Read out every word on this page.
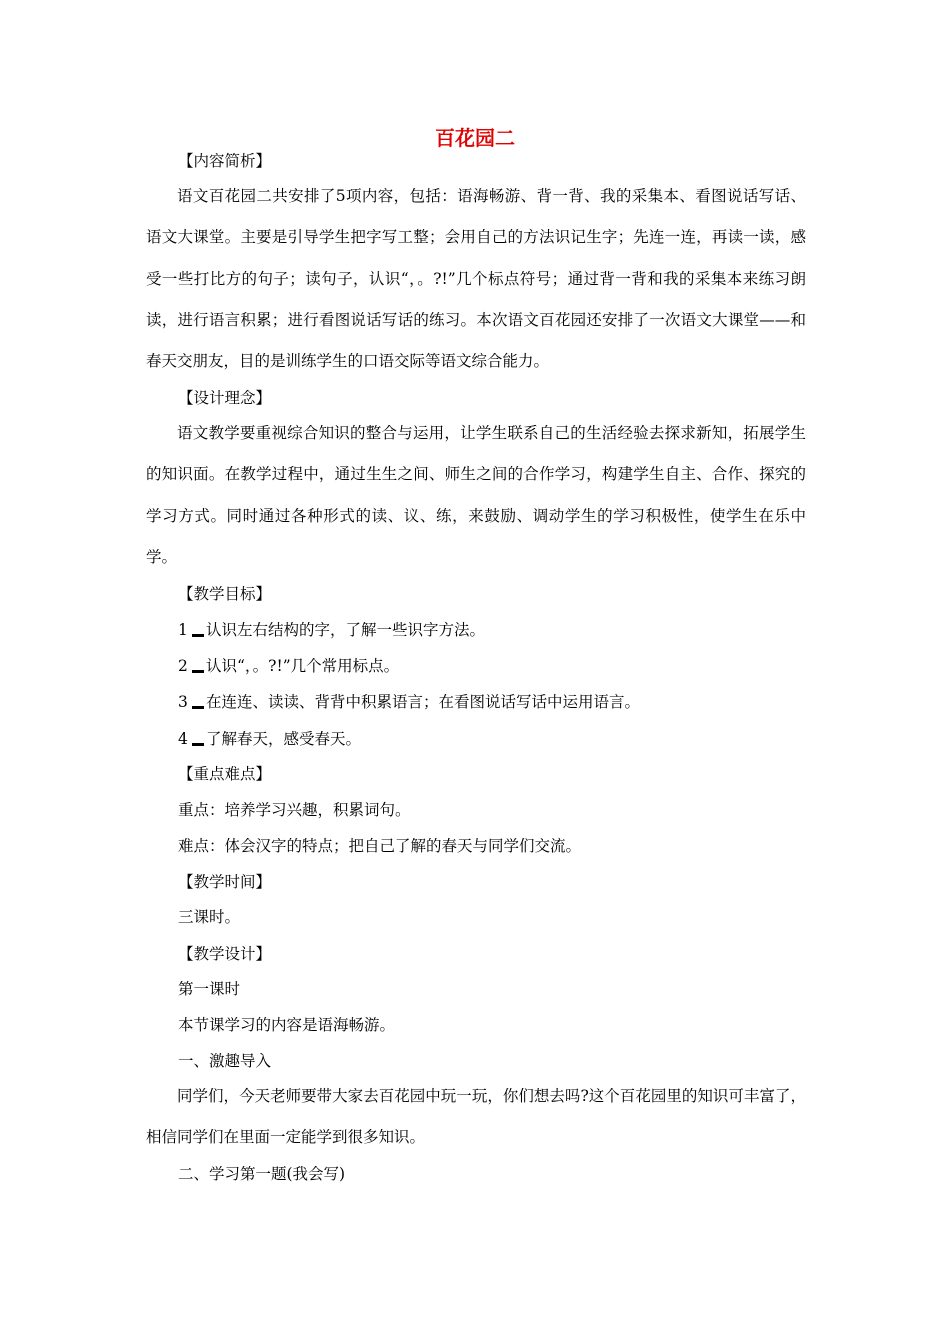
百花园二
【内容简析】

语文百花园二共安排了5项内容，包括：语海畅游、背一背、我的采集本、看图说话写话、语文大课堂。主要是引导学生把字写工整；会用自己的方法识记生字；先连一连，再读一读，感受一些打比方的句子；读句子，认识“，。?!”几个标点符号；通过背一背和我的采集本来练习朗读，进行语言积累；进行看图说话写话的练习。本次语文百花园还安排了一次语文大课堂——和春天交朋友，目的是训练学生的口语交际等语文综合能力。

【设计理念】

语文教学要重视综合知识的整合与运用，让学生联系自己的生活经验去探求新知，拓展学生的知识面。在教学过程中，通过生生之间、师生之间的合作学习，构建学生自主、合作、探究的学习方式。同时通过各种形式的读、议、练，来鼓励、调动学生的学习积极性，使学生在乐中学。

【教学目标】
1 认识左右结构的字，了解一些识字方法。
2 认识“，。?!”几个常用标点。
3 在连连、读读、背背中积累语言；在看图说话写话中运用语言。
4 了解春天，感受春天。
【重点难点】
重点：培养学习兴趣，积累词句。
难点：体会汉字的特点；把自己了解的春天与同学们交流。
【教学时间】
三课时。
【教学设计】
第一课时
本节课学习的内容是语海畅游。
一、激趣导入

同学们，今天老师要带大家去百花园中玩一玩，你们想去吗?这个百花园里的知识可丰富了，相信同学们在里面一定能学到很多知识。

二、学习第一题(我会写)
